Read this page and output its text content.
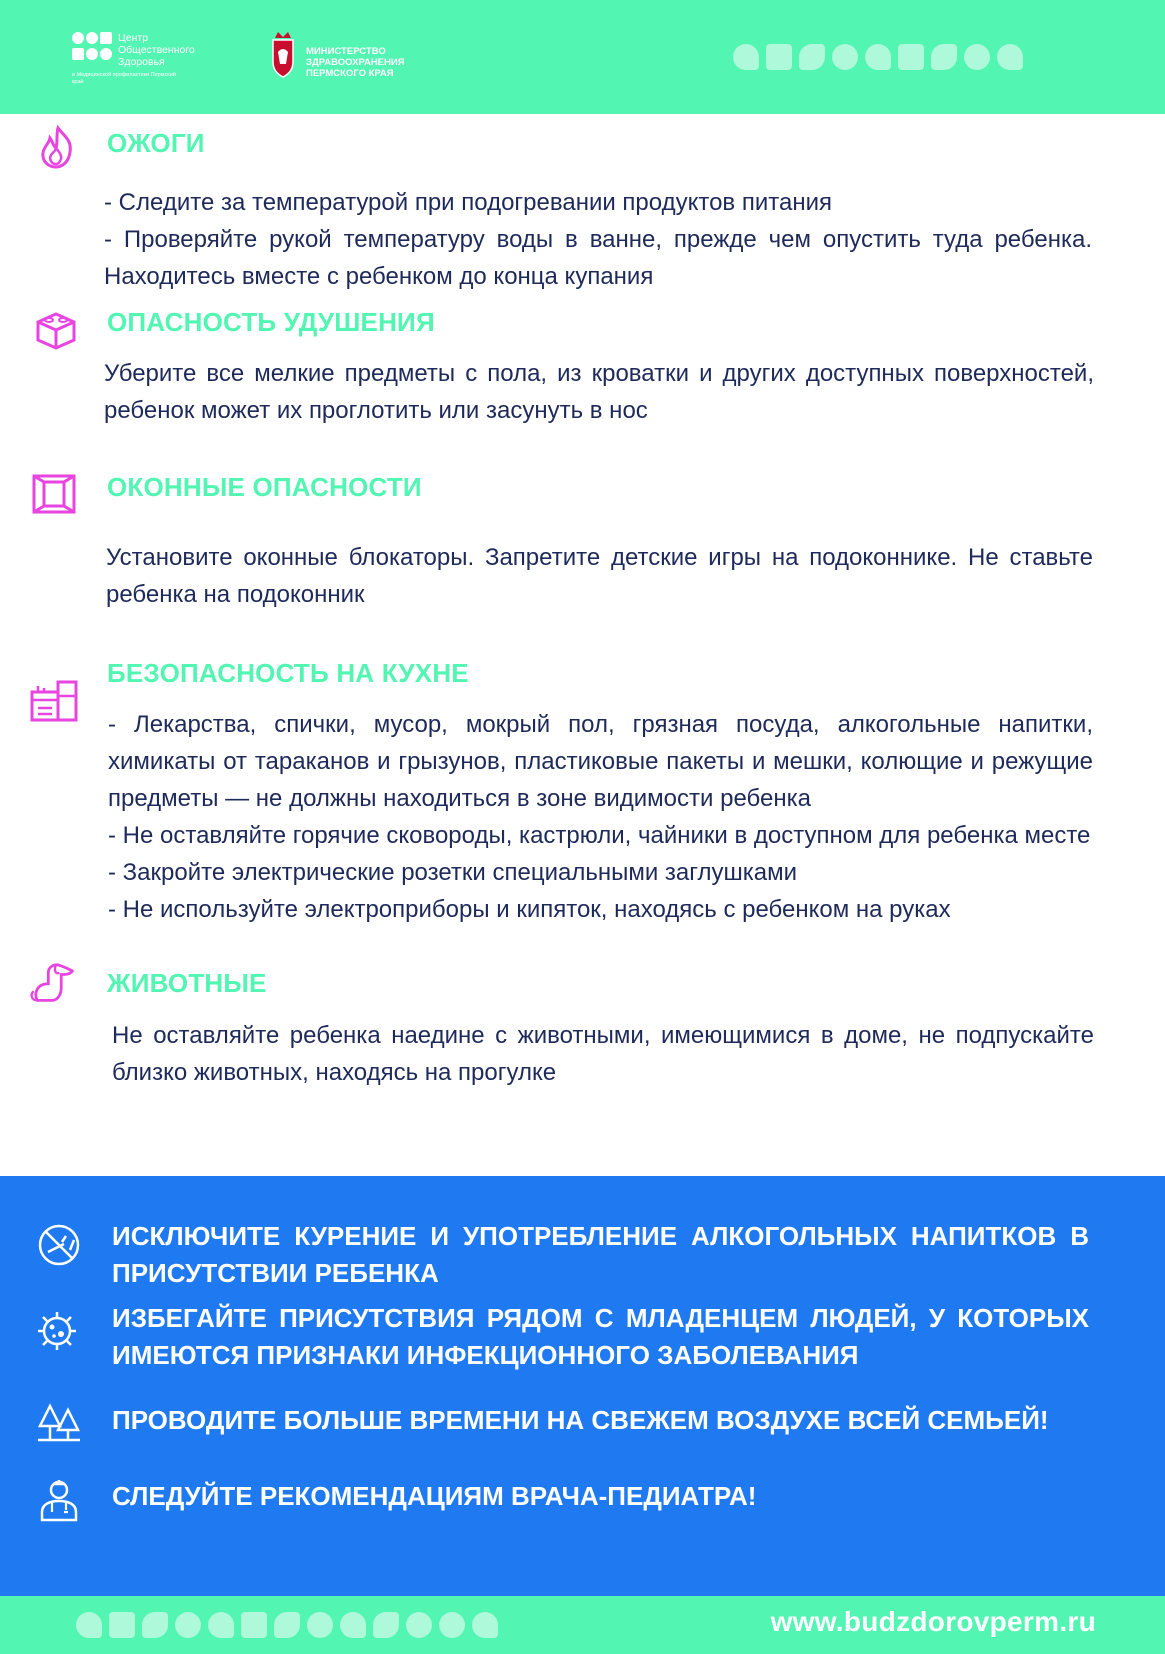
Центр Общественного Здоровья
и Медицинской профилактики Пермский край
МИНИСТЕРСТВО ЗДРАВООХРАНЕНИЯ ПЕРМСКОГО КРАЯ
ОЖОГИ

- Следите за температурой при подогревании продуктов питания

- Проверяйте рукой температуру воды в ванне, прежде чем опустить туда ребенка. Находитесь вместе с ребенком до конца купания

ОПАСНОСТЬ УДУШЕНИЯ

Уберите все мелкие предметы с пола, из кроватки и других доступных поверхностей, ребенок может их проглотить или засунуть в нос

ОКОННЫЕ ОПАСНОСТИ

Установите оконные блокаторы. Запретите детские игры на подоконнике. Не ставьте ребенка на подоконник

БЕЗОПАСНОСТЬ НА КУХНЕ

- Лекарства, спички, мусор, мокрый пол, грязная посуда, алкогольные напитки, химикаты от тараканов и грызунов, пластиковые пакеты и мешки, колющие и режущие предметы — не должны находиться в зоне видимости ребенка

- Не оставляйте горячие сковороды, кастрюли, чайники в доступном для ребенка месте

- Закройте электрические розетки специальными заглушками

- Не используйте электроприборы и кипяток, находясь с ребенком на руках

ЖИВОТНЫЕ

Не оставляйте ребенка наедине с животными, имеющимися в доме, не подпускайте близко животных, находясь на прогулке

ИСКЛЮЧИТЕ КУРЕНИЕ И УПОТРЕБЛЕНИЕ АЛКОГОЛЬНЫХ НАПИТКОВ В ПРИСУТСТВИИ РЕБЕНКА
ИЗБЕГАЙТЕ ПРИСУТСТВИЯ РЯДОМ С МЛАДЕНЦЕМ ЛЮДЕЙ, У КОТОРЫХ ИМЕЮТСЯ ПРИЗНАКИ ИНФЕКЦИОННОГО ЗАБОЛЕВАНИЯ
ПРОВОДИТЕ БОЛЬШЕ ВРЕМЕНИ НА СВЕЖЕМ ВОЗДУХЕ ВСЕЙ СЕМЬЕЙ!
СЛЕДУЙТЕ РЕКОМЕНДАЦИЯМ ВРАЧА-ПЕДИАТРА!
www.budzdorovperm.ru
